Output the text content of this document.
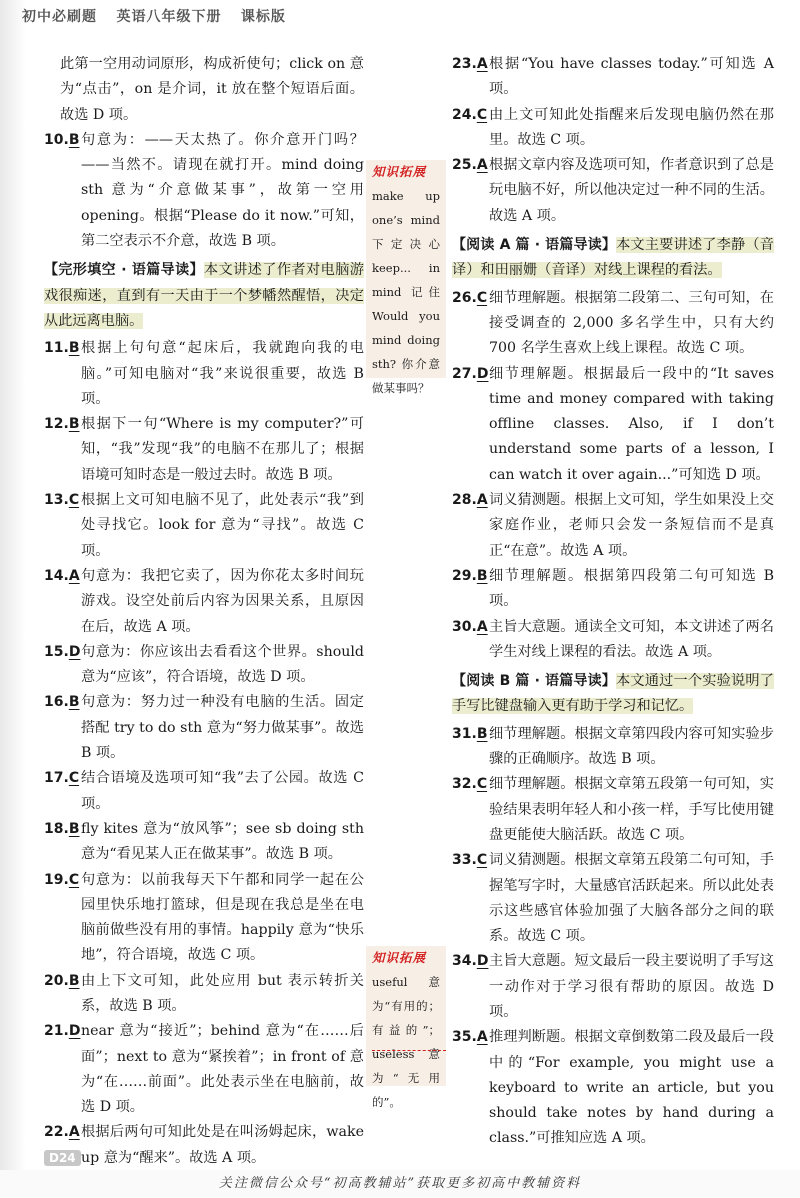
初中必刷题 英语八年级下册 课标版
此第一空用动词原形，构成祈使句；click on 意为“点击”，on 是介词，it 放在整个短语后面。故选 D 项。
10.B 句意为：——天太热了。你介意开门吗？——当然不。请现在就打开。mind doing sth 意为“介意做某事”，故第一空用 opening。根据“Please do it now.”可知，第二空表示不介意，故选 B 项。
【完形填空 · 语篇导读】本文讲述了作者对电脑游戏很痴迷，直到有一天由于一个梦幡然醒悟，决定从此远离电脑。
11.B 根据上句句意“起床后，我就跑向我的电脑。”可知电脑对“我”来说很重要，故选 B 项。
12.B 根据下一句“Where is my computer?”可知，“我”发现“我”的电脑不在那儿了；根据语境可知时态是一般过去时。故选 B 项。
13.C 根据上文可知电脑不见了，此处表示“我”到处寻找它。look for 意为“寻找”。故选 C 项。
14.A 句意为：我把它卖了，因为你花太多时间玩游戏。设空处前后内容为因果关系，且原因在后，故选 A 项。
15.D 句意为：你应该出去看看这个世界。should 意为“应该”，符合语境，故选 D 项。
16.B 句意为：努力过一种没有电脑的生活。固定搭配 try to do sth 意为“努力做某事”。故选 B 项。
17.C 结合语境及选项可知“我”去了公园。故选 C 项。
18.B fly kites 意为“放风筝”；see sb doing sth 意为“看见某人正在做某事”。故选 B 项。
19.C 句意为：以前我每天下午都和同学一起在公园里快乐地打篮球，但是现在我总是坐在电脑前做些没有用的事情。happily 意为“快乐地”，符合语境，故选 C 项。
20.B 由上下文可知，此处应用 but 表示转折关系，故选 B 项。
21.D near 意为“接近”；behind 意为“在……后面”；next to 意为“紧挨着”；in front of 意为“在……前面”。此处表示坐在电脑前，故选 D 项。
22.A 根据后两句可知此处是在叫汤姆起床，wake up 意为“醒来”。故选 A 项。
知识拓展
make up one’s mind 下定决心 keep... in mind 记住 Would you mind doing sth? 你介意做某事吗？
知识拓展
useful 意为“有用的；有益的”；useless 意为“无用的”。
23.A 根据“You have classes today.”可知选 A 项。
24.C 由上文可知此处指醒来后发现电脑仍然在那里。故选 C 项。
25.A 根据文章内容及选项可知，作者意识到了总是玩电脑不好，所以他决定过一种不同的生活。故选 A 项。
【阅读 A 篇 · 语篇导读】本文主要讲述了李静（音译）和田丽姗（音译）对线上课程的看法。
26.C 细节理解题。根据第二段第二、三句可知，在接受调查的 2,000 多名学生中，只有大约 700 名学生喜欢上线上课程。故选 C 项。
27.D 细节理解题。根据最后一段中的“It saves time and money compared with taking offline classes. Also, if I don’t understand some parts of a lesson, I can watch it over again...”可知选 D 项。
28.A 词义猜测题。根据上文可知，学生如果没上交家庭作业，老师只会发一条短信而不是真正“在意”。故选 A 项。
29.B 细节理解题。根据第四段第二句可知选 B 项。
30.A 主旨大意题。通读全文可知，本文讲述了两名学生对线上课程的看法。故选 A 项。
【阅读 B 篇 · 语篇导读】本文通过一个实验说明了手写比键盘输入更有助于学习和记忆。
31.B 细节理解题。根据文章第四段内容可知实验步骤的正确顺序。故选 B 项。
32.C 细节理解题。根据文章第五段第一句可知，实验结果表明年轻人和小孩一样，手写比使用键盘更能使大脑活跃。故选 C 项。
33.C 词义猜测题。根据文章第五段第二句可知，手握笔写字时，大量感官活跃起来。所以此处表示这些感官体验加强了大脑各部分之间的联系。故选 C 项。
34.D 主旨大意题。短文最后一段主要说明了手写这一动作对于学习很有帮助的原因。故选 D 项。
35.A 推理判断题。根据文章倒数第二段及最后一段中的“For example, you might use a keyboard to write an article, but you should take notes by hand during a class.”可推知应选 A 项。
D24
关注微信公众号“初高教辅站”获取更多初高中教辅资料
